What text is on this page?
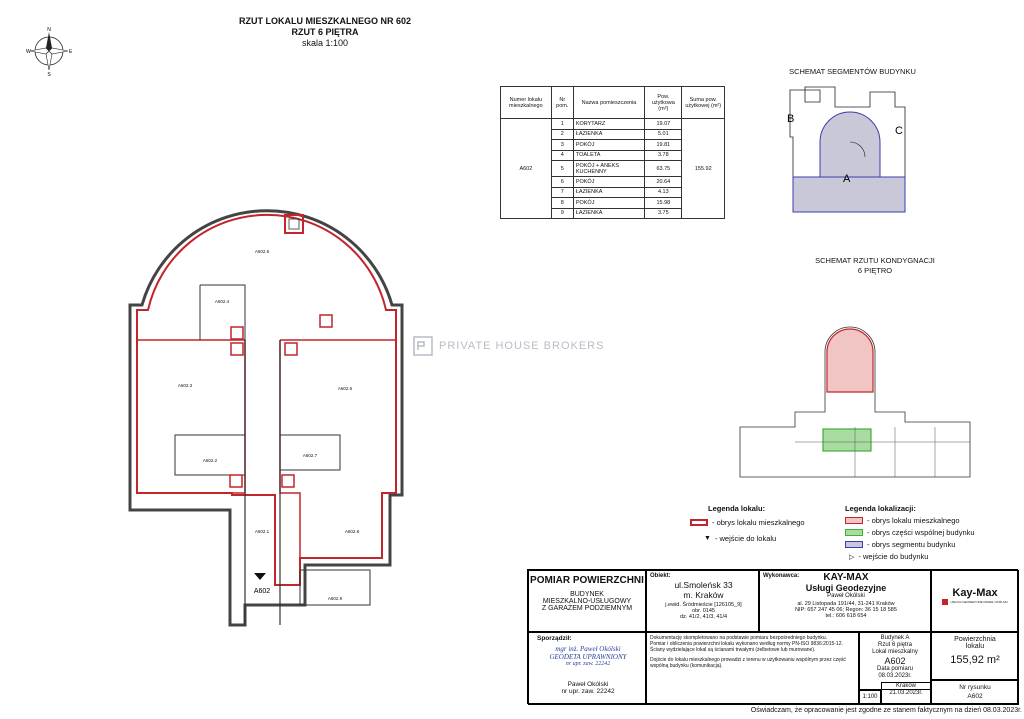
RZUT LOKALU MIESZKALNEGO NR 602
RZUT 6 PIĘTRA
skala 1:100
N
S
W	E
A602.5
A602.4
A602.3
A602.6
A602.2
A602.7
A602.1	A602.8
A602.9
A602
PRIVATE HOUSE BROKERS
Numer lokalu mieszkalnego	Nr pom.	Nazwa pomieszczenia	Pow. użytkowa (m²)	Suma pow. użytkowej (m²)
A602	1	KORYTARZ	19.07	155.92
	2	ŁAZIENKA	5.01	
	3	POKÓJ	19.81	
	4	TOALETA	3.78	
	5	POKÓJ + ANEKS KUCHENNY	63.75	
	6	POKÓJ	20.64	
	7	ŁAZIENKA	4.13	
	8	POKÓJ	15.98	
	9	ŁAZIENKA	3.75	
SCHEMAT SEGMENTÓW BUDYNKU
B
C
A
SCHEMAT RZUTU KONDYGNACJI
6 PIĘTRO
Legenda lokalu:
- obrys lokalu mieszkalnego
▼ - wejście do lokalu
Legenda lokalizacji:
- obrys lokalu mieszkalnego
- obrys części wspólnej budynku
- obrys segmentu budynku
▷ - wejście do budynku
POMIAR POWIERZCHNI
BUDYNEK
MIESZKALNO-USŁUGOWY
Z GARAŻEM PODZIEMNYM
Obiekt:
ul.Smoleńsk 33
m. Kraków
j.ewid. Śródmieście [126105_9]
obr. 0145
dz. 41/2, 41/3, 41/4
Wykonawca:	KAY-MAX
Usługi Geodezyjne
Paweł Okólski
al. 29 Listopada 191/44, 31-241 Kraków
NIP: 657 247 45 06; Regon: 36 15 18 585
tel.: 606 618 654
Kay-Max
USŁUGI GEODEZYJNE PAWEŁ OKÓLSKI
Sporządził:
mgr inż. Paweł Okólski
GEODETA UPRAWNIONY
nr upr. zaw. 22242
Paweł Okólski
nr upr. zaw. 22242
Dokumentację skompletowano na podstawie pomiaru bezpośredniego budynku.
Pomiar i obliczenia powierzchni lokalu wykonano według normy PN-ISO 9836:2015-12.
Ściany wydzielające lokal są ścianami trwałymi (żelbetowe lub murowane).
Dojście do lokalu mieszkalnego prowadzi z terenu w użytkowaniu wspólnym przez część wspólną budynku (komunikacja).
Budynek A
Rzut 6 piętra
Lokal mieszkalny
A602
Data pomiaru
08.03.2023r.
1:100
Kraków
21.03.2023r.
Powierzchnia
lokalu
155,92 m²
Nr rysunku
A602
Oświadczam, że opracowanie jest zgodne ze stanem faktycznym na dzień 08.03.2023r.
